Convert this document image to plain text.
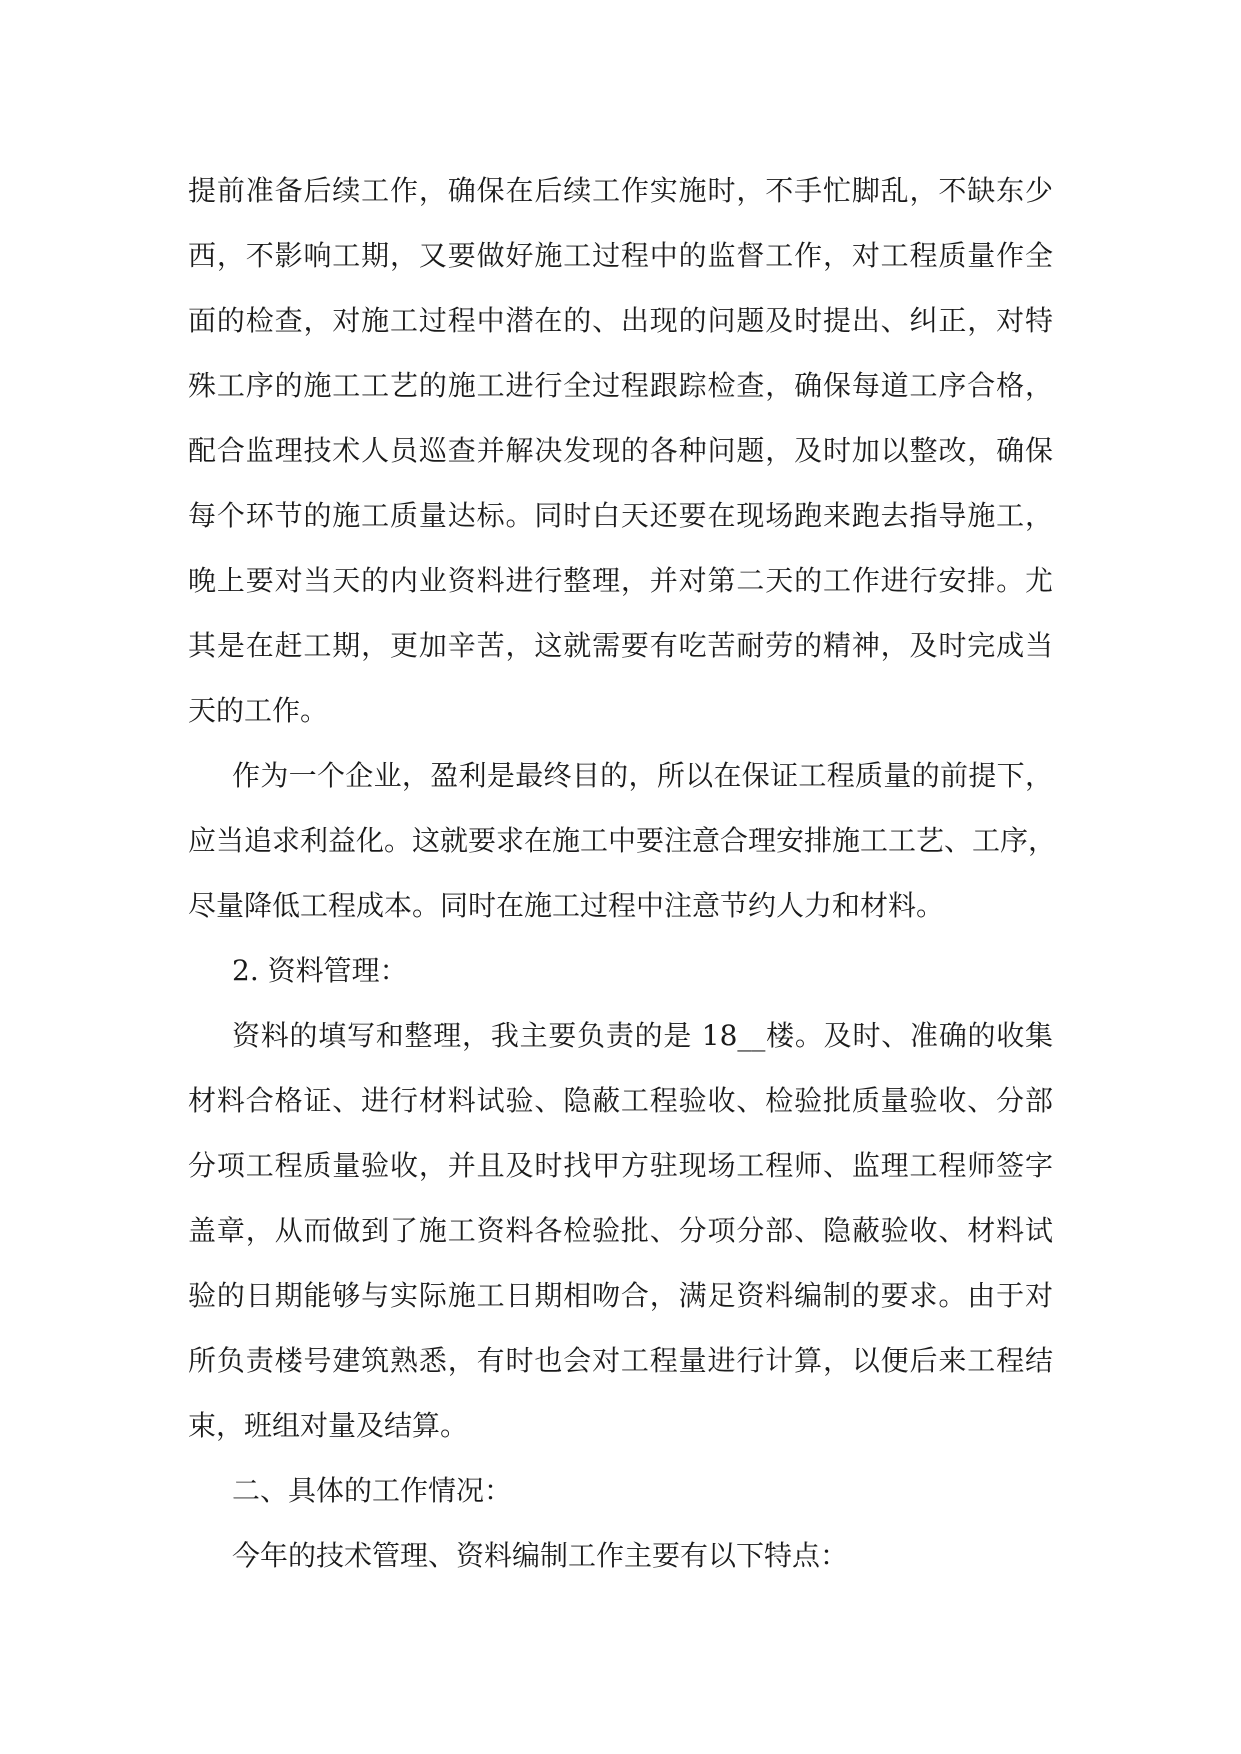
提前准备后续工作，确保在后续工作实施时，不手忙脚乱，不缺东少
西，不影响工期，又要做好施工过程中的监督工作，对工程质量作全
面的检查，对施工过程中潜在的、出现的问题及时提出、纠正，对特
殊工序的施工工艺的施工进行全过程跟踪检查，确保每道工序合格，
配合监理技术人员巡查并解决发现的各种问题，及时加以整改，确保
每个环节的施工质量达标。同时白天还要在现场跑来跑去指导施工，
晚上要对当天的内业资料进行整理，并对第二天的工作进行安排。尤
其是在赶工期，更加辛苦，这就需要有吃苦耐劳的精神，及时完成当
天的工作。

作为一个企业，盈利是最终目的，所以在保证工程质量的前提下，
应当追求利益化。这就要求在施工中要注意合理安排施工工艺、工序，
尽量降低工程成本。同时在施工过程中注意节约人力和材料。

2. 资料管理：

资料的填写和整理，我主要负责的是 18__楼。及时、准确的收集
材料合格证、进行材料试验、隐蔽工程验收、检验批质量验收、分部
分项工程质量验收，并且及时找甲方驻现场工程师、监理工程师签字
盖章，从而做到了施工资料各检验批、分项分部、隐蔽验收、材料试
验的日期能够与实际施工日期相吻合，满足资料编制的要求。由于对
所负责楼号建筑熟悉，有时也会对工程量进行计算，以便后来工程结
束，班组对量及结算。

二、具体的工作情况：

今年的技术管理、资料编制工作主要有以下特点：
